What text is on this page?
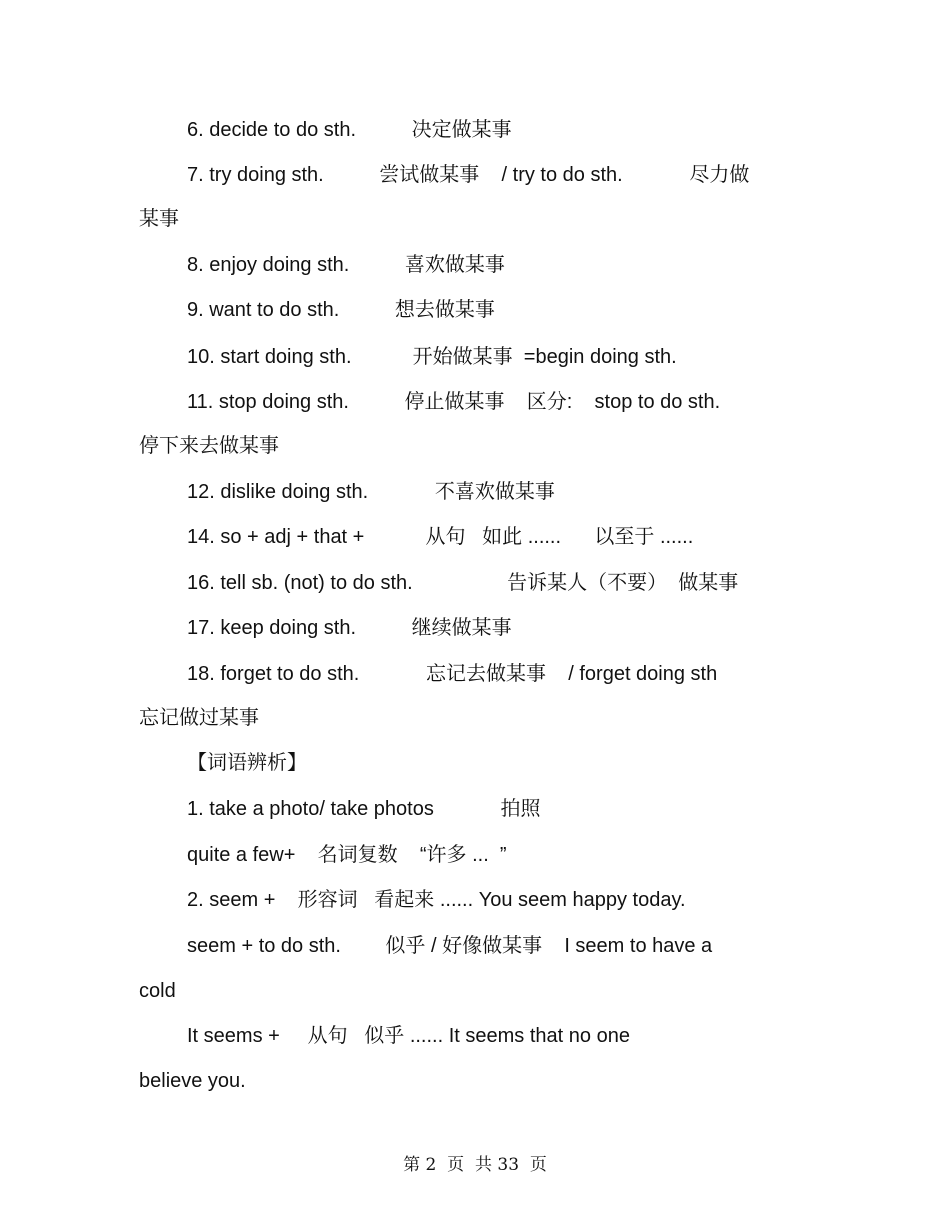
6. decide to do sth.          决定做某事
7. try doing sth.          尝试做某事    / try to do sth.            尽力做
某事
8. enjoy doing sth.          喜欢做某事
9. want to do sth.          想去做某事
10. start doing sth.           开始做某事  =begin doing sth.
11. stop doing sth.          停止做某事    区分:    stop to do sth.
停下来去做某事
12. dislike doing sth.            不喜欢做某事
14. so + adj + that +           从句   如此 ......      以至于 ......
16. tell sb. (not) to do sth.                 告诉某人（不要）  做某事
17. keep doing sth.          继续做某事
18. forget to do sth.            忘记去做某事    / forget doing sth
忘记做过某事
【词语辨析】
1. take a photo/ take photos            拍照
quite a few+    名词复数    “许多 ...  ”
2. seem +    形容词   看起来 ...... You seem happy today.
seem + to do sth.        似乎 / 好像做某事    I seem to have a
cold
It seems +     从句   似乎 ...... It seems that no one
believe you.
第 2  页  共 33  页
